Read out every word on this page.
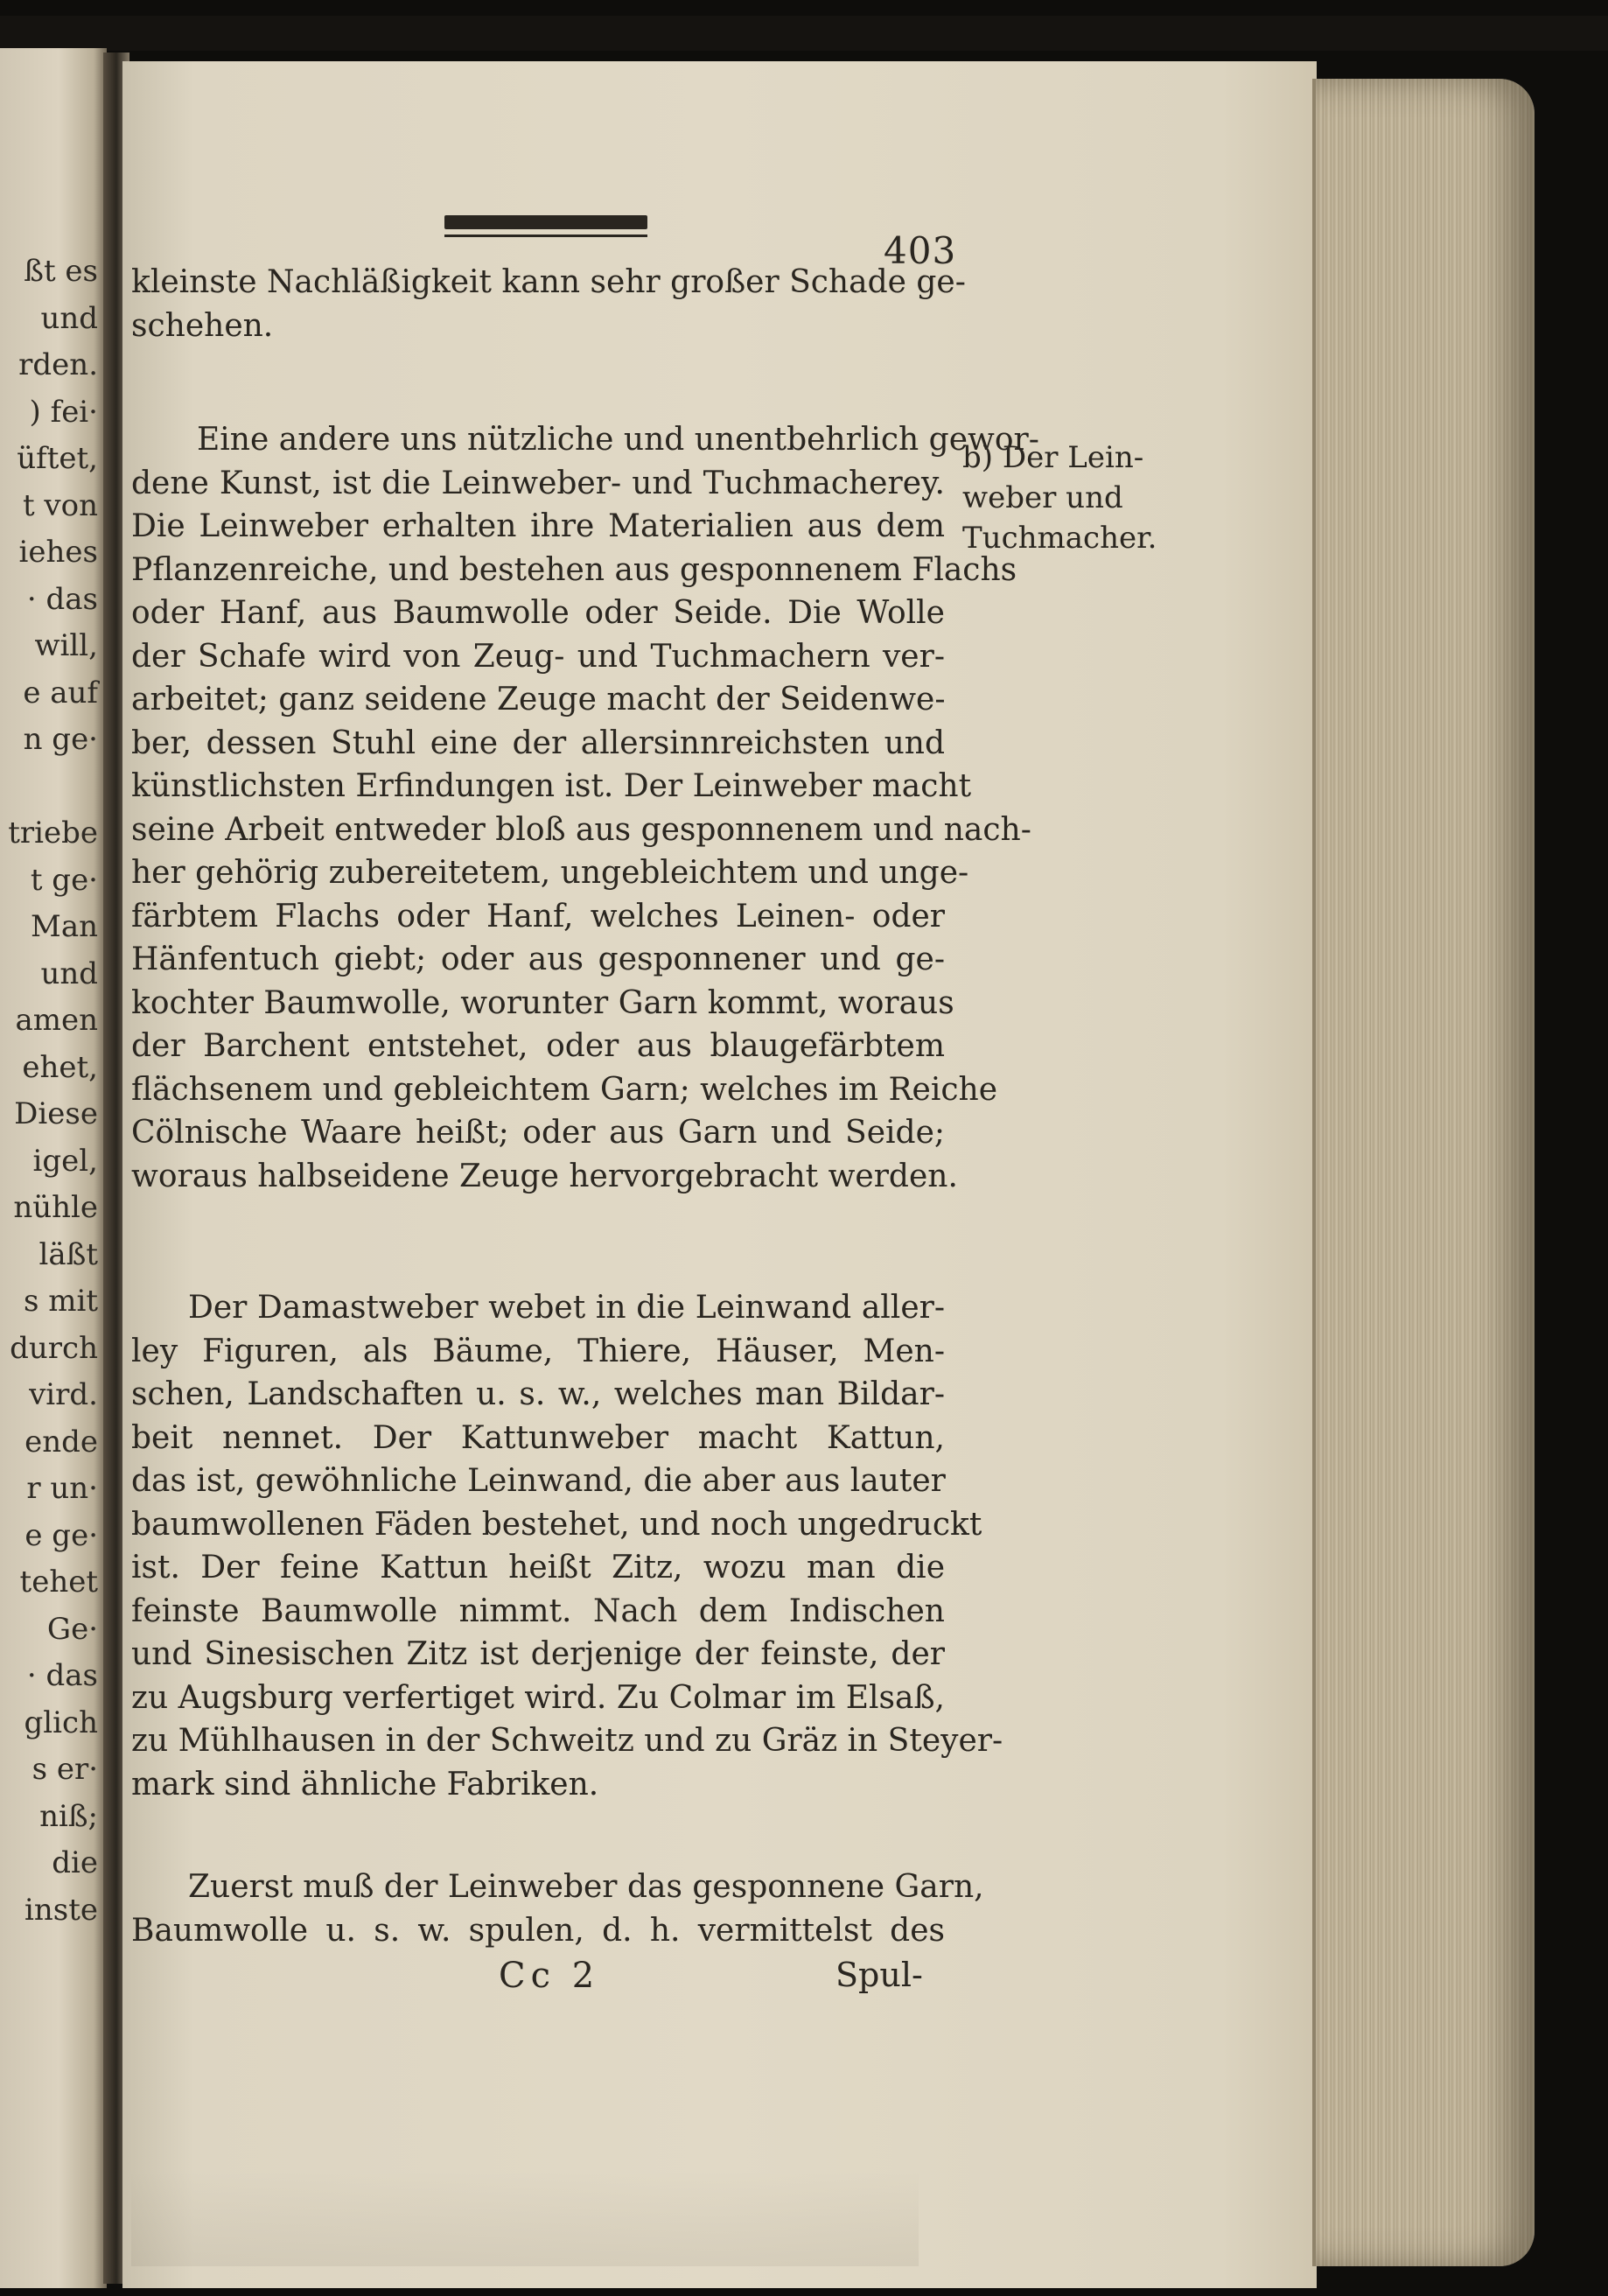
ßt es
und
rden.
) fei·
üftet,
t von
iehes
· das
will,
e auf
n ge·
triebe
t ge·
Man
und
amen
ehet,
Diese
igel,
nühle
läßt
s mit
durch
vird.
ende
r un·
e ge·
tehet
Ge·
· das
glich
s er·
niß;
die
inste
403
kleinste Nachläßigkeit kann sehr großer Schade ge-
schehen.
Eine andere uns nützliche und unentbehrlich gewor-
dene Kunst, ist die Leinweber- und Tuchmacherey.
Die Leinweber erhalten ihre Materialien aus dem
Pflanzenreiche, und bestehen aus gesponnenem Flachs
oder Hanf, aus Baumwolle oder Seide. Die Wolle
der Schafe wird von Zeug- und Tuchmachern ver-
arbeitet; ganz seidene Zeuge macht der Seidenwe-
ber, dessen Stuhl eine der allersinnreichsten und
künstlichsten Erfindungen ist. Der Leinweber macht
seine Arbeit entweder bloß aus gesponnenem und nach-
her gehörig zubereitetem, ungebleichtem und unge-
färbtem Flachs oder Hanf, welches Leinen- oder
Hänfentuch giebt; oder aus gesponnener und ge-
kochter Baumwolle, worunter Garn kommt, woraus
der Barchent entstehet, oder aus blaugefärbtem
flächsenem und gebleichtem Garn; welches im Reiche
Cölnische Waare heißt; oder aus Garn und Seide;
woraus halbseidene Zeuge hervorgebracht werden.
b) Der Lein-
weber und
Tuchmacher.
Der Damastweber webet in die Leinwand aller-
ley Figuren, als Bäume, Thiere, Häuser, Men-
schen, Landschaften u. s. w., welches man Bildar-
beit nennet. Der Kattunweber macht Kattun,
das ist, gewöhnliche Leinwand, die aber aus lauter
baumwollenen Fäden bestehet, und noch ungedruckt
ist. Der feine Kattun heißt Zitz, wozu man die
feinste Baumwolle nimmt. Nach dem Indischen
und Sinesischen Zitz ist derjenige der feinste, der
zu Augsburg verfertiget wird. Zu Colmar im Elsaß,
zu Mühlhausen in der Schweitz und zu Gräz in Steyer-
mark sind ähnliche Fabriken.
Zuerst muß der Leinweber das gesponnene Garn,
Baumwolle u. s. w. spulen, d. h. vermittelst des
Cc 2	Spul-
